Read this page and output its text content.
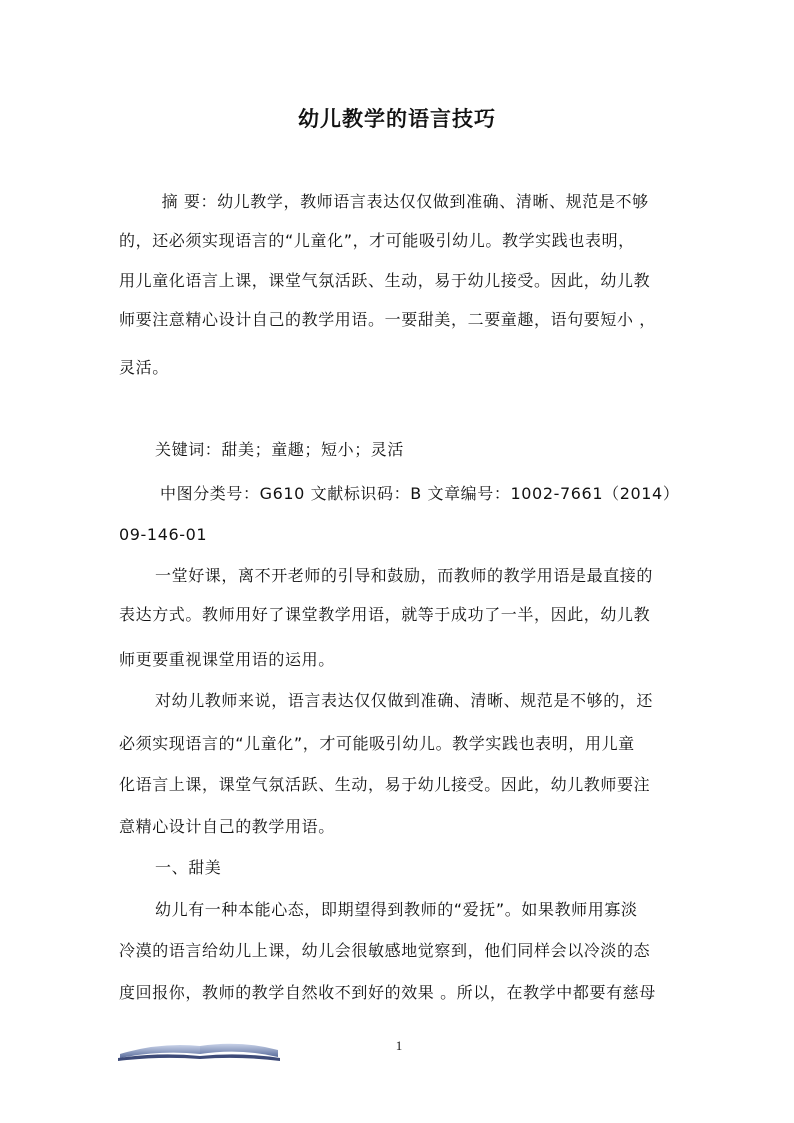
幼儿教学的语言技巧
　摘 要：幼儿教学，教师语言表达仅仅做到准确、清晰、规范是不够
的，还必须实现语言的“儿童化”，才可能吸引幼儿。教学实践也表明，
用儿童化语言上课，课堂气氛活跃、生动，易于幼儿接受。因此，幼儿教
师要注意精心设计自己的教学用语。一要甜美，二要童趣，语句要短小 ，
灵活。
关键词：甜美；童趣；短小；灵活
中图分类号：G610 文献标识码：B 文章编号：1002-7661（2014）
09-146-01
一堂好课，离不开老师的引导和鼓励，而教师的教学用语是最直接的
表达方式。教师用好了课堂教学用语，就等于成功了一半，因此，幼儿教
师更要重视课堂用语的运用。
对幼儿教师来说，语言表达仅仅做到准确、清晰、规范是不够的，还
必须实现语言的“儿童化”，才可能吸引幼儿。教学实践也表明，用儿童
化语言上课，课堂气氛活跃、生动，易于幼儿接受。因此，幼儿教师要注
意精心设计自己的教学用语。
一、甜美
幼儿有一种本能心态，即期望得到教师的“爱抚”。如果教师用寡淡
冷漠的语言给幼儿上课，幼儿会很敏感地觉察到，他们同样会以冷淡的态
度回报你，教师的教学自然收不到好的效果 。所以，在教学中都要有慈母
1
